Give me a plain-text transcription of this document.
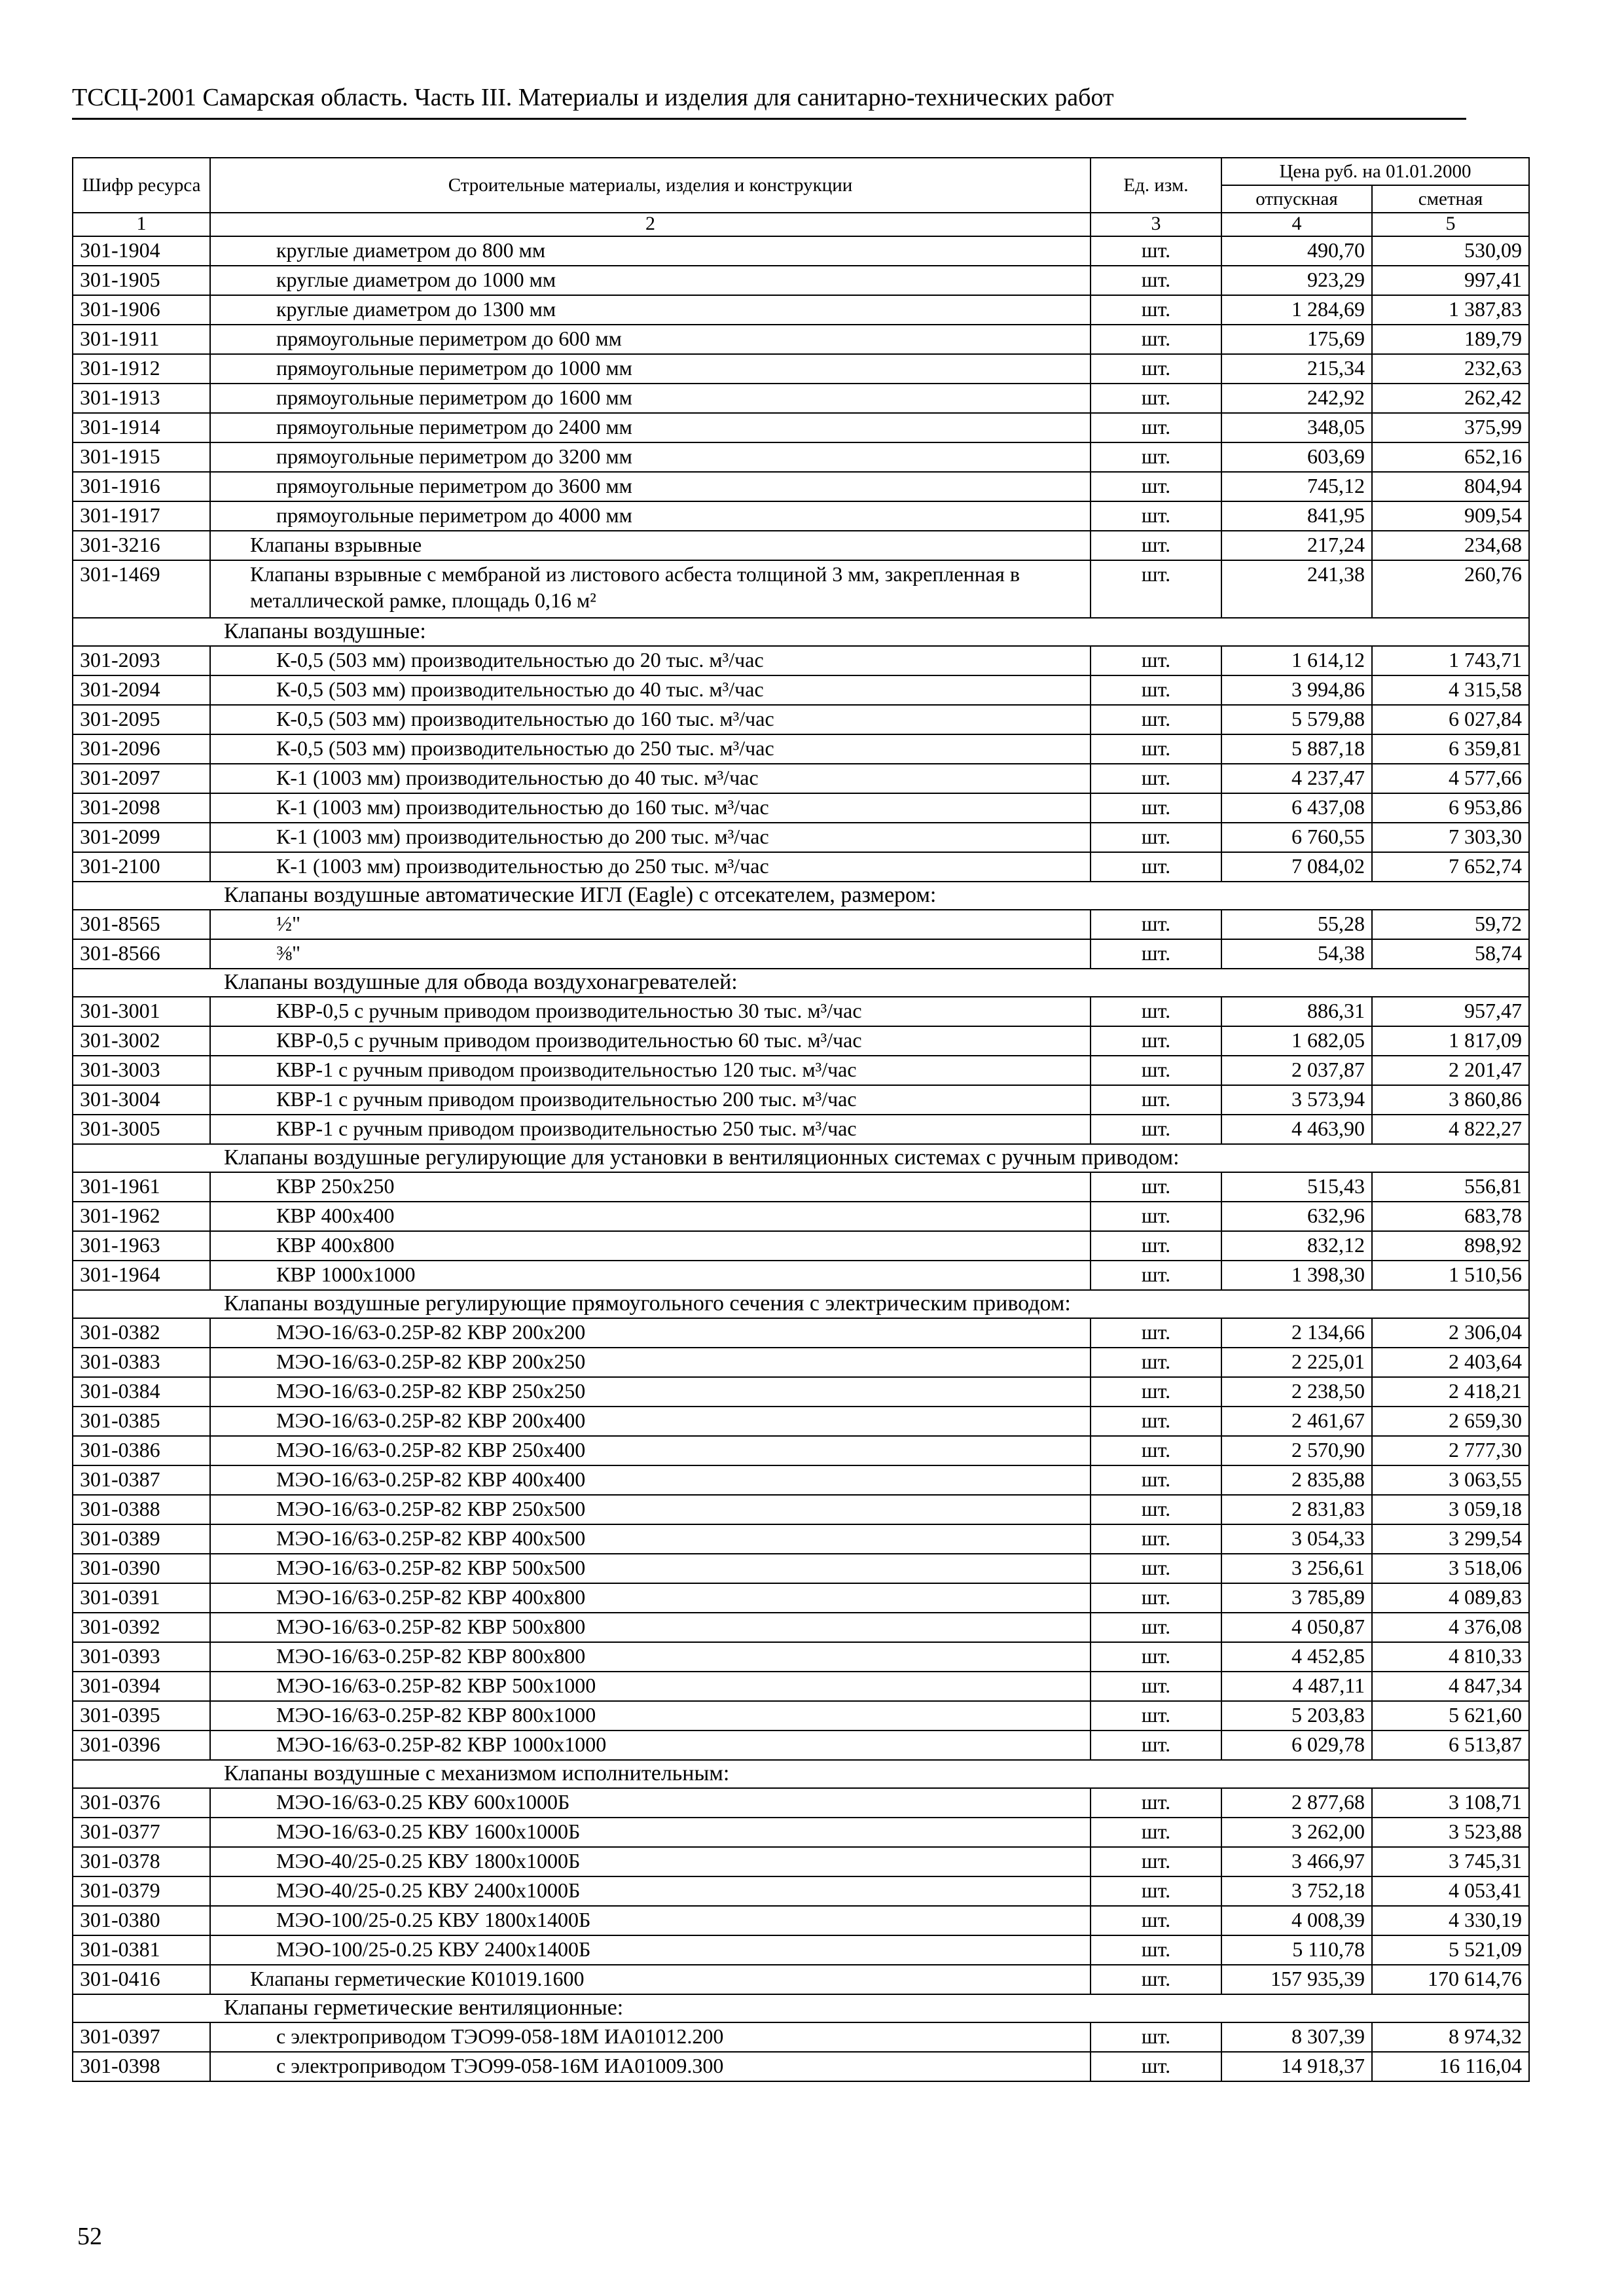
ТССЦ-2001 Самарская область. Часть III. Материалы и изделия для санитарно-технических работ
Шифр ресурса	Строительные материалы, изделия и конструкции	Ед. изм.	Цена руб. на 01.01.2000	
			отпускная	сметная
1	2	3	4	5
301-1904	круглые диаметром до 800 мм	шт.	490,70	530,09
301-1905	круглые диаметром до 1000 мм	шт.	923,29	997,41
301-1906	круглые диаметром до 1300 мм	шт.	1 284,69	1 387,83
301-1911	прямоугольные периметром до 600 мм	шт.	175,69	189,79
301-1912	прямоугольные периметром до 1000 мм	шт.	215,34	232,63
301-1913	прямоугольные периметром до 1600 мм	шт.	242,92	262,42
301-1914	прямоугольные периметром до 2400 мм	шт.	348,05	375,99
301-1915	прямоугольные периметром до 3200 мм	шт.	603,69	652,16
301-1916	прямоугольные периметром до 3600 мм	шт.	745,12	804,94
301-1917	прямоугольные периметром до 4000 мм	шт.	841,95	909,54
301-3216	Клапаны взрывные	шт.	217,24	234,68
301-1469	Клапаны взрывные с мембраной из листового асбеста толщиной 3 мм, закрепленная в металлической рамке, площадь 0,16 м²	шт.	241,38	260,76
Клапаны воздушные:				
301-2093	К-0,5 (503 мм) производительностью до 20 тыс. м³/час	шт.	1 614,12	1 743,71
301-2094	К-0,5 (503 мм) производительностью до 40 тыс. м³/час	шт.	3 994,86	4 315,58
301-2095	К-0,5 (503 мм) производительностью до 160 тыс. м³/час	шт.	5 579,88	6 027,84
301-2096	К-0,5 (503 мм) производительностью до 250 тыс. м³/час	шт.	5 887,18	6 359,81
301-2097	К-1 (1003 мм) производительностью до 40 тыс. м³/час	шт.	4 237,47	4 577,66
301-2098	К-1 (1003 мм) производительностью до 160 тыс. м³/час	шт.	6 437,08	6 953,86
301-2099	К-1 (1003 мм) производительностью до 200 тыс. м³/час	шт.	6 760,55	7 303,30
301-2100	К-1 (1003 мм) производительностью до 250 тыс. м³/час	шт.	7 084,02	7 652,74
Клапаны воздушные автоматические ИГЛ (Eagle) с отсекателем, размером:				
301-8565	½"	шт.	55,28	59,72
301-8566	⅜"	шт.	54,38	58,74
Клапаны воздушные для обвода воздухонагревателей:				
301-3001	КВР-0,5 с ручным приводом производительностью 30 тыс. м³/час	шт.	886,31	957,47
301-3002	КВР-0,5 с ручным приводом производительностью 60 тыс. м³/час	шт.	1 682,05	1 817,09
301-3003	КВР-1 с ручным приводом производительностью 120 тыс. м³/час	шт.	2 037,87	2 201,47
301-3004	КВР-1 с ручным приводом производительностью 200 тыс. м³/час	шт.	3 573,94	3 860,86
301-3005	КВР-1 с ручным приводом производительностью 250 тыс. м³/час	шт.	4 463,90	4 822,27
Клапаны воздушные регулирующие для установки в вентиляционных системах с ручным приводом:				
301-1961	КВР 250х250	шт.	515,43	556,81
301-1962	КВР 400х400	шт.	632,96	683,78
301-1963	КВР 400х800	шт.	832,12	898,92
301-1964	КВР 1000х1000	шт.	1 398,30	1 510,56
Клапаны воздушные регулирующие прямоугольного сечения с электрическим приводом:				
301-0382	МЭО-16/63-0.25Р-82 КВР 200х200	шт.	2 134,66	2 306,04
301-0383	МЭО-16/63-0.25Р-82 КВР 200х250	шт.	2 225,01	2 403,64
301-0384	МЭО-16/63-0.25Р-82 КВР 250х250	шт.	2 238,50	2 418,21
301-0385	МЭО-16/63-0.25Р-82 КВР 200х400	шт.	2 461,67	2 659,30
301-0386	МЭО-16/63-0.25Р-82 КВР 250х400	шт.	2 570,90	2 777,30
301-0387	МЭО-16/63-0.25Р-82 КВР 400х400	шт.	2 835,88	3 063,55
301-0388	МЭО-16/63-0.25Р-82 КВР 250х500	шт.	2 831,83	3 059,18
301-0389	МЭО-16/63-0.25Р-82 КВР 400х500	шт.	3 054,33	3 299,54
301-0390	МЭО-16/63-0.25Р-82 КВР 500х500	шт.	3 256,61	3 518,06
301-0391	МЭО-16/63-0.25Р-82 КВР 400х800	шт.	3 785,89	4 089,83
301-0392	МЭО-16/63-0.25Р-82 КВР 500х800	шт.	4 050,87	4 376,08
301-0393	МЭО-16/63-0.25Р-82 КВР 800х800	шт.	4 452,85	4 810,33
301-0394	МЭО-16/63-0.25Р-82 КВР 500х1000	шт.	4 487,11	4 847,34
301-0395	МЭО-16/63-0.25Р-82 КВР 800х1000	шт.	5 203,83	5 621,60
301-0396	МЭО-16/63-0.25Р-82 КВР 1000х1000	шт.	6 029,78	6 513,87
Клапаны воздушные с механизмом исполнительным:				
301-0376	МЭО-16/63-0.25 КВУ 600х1000Б	шт.	2 877,68	3 108,71
301-0377	МЭО-16/63-0.25 КВУ 1600х1000Б	шт.	3 262,00	3 523,88
301-0378	МЭО-40/25-0.25 КВУ 1800х1000Б	шт.	3 466,97	3 745,31
301-0379	МЭО-40/25-0.25 КВУ 2400х1000Б	шт.	3 752,18	4 053,41
301-0380	МЭО-100/25-0.25 КВУ 1800х1400Б	шт.	4 008,39	4 330,19
301-0381	МЭО-100/25-0.25 КВУ 2400х1400Б	шт.	5 110,78	5 521,09
301-0416	Клапаны герметические К01019.1600	шт.	157 935,39	170 614,76
Клапаны герметические вентиляционные:				
301-0397	с электроприводом ТЭО99-058-18М ИА01012.200	шт.	8 307,39	8 974,32
301-0398	с электроприводом ТЭО99-058-16М ИА01009.300	шт.	14 918,37	16 116,04
52
